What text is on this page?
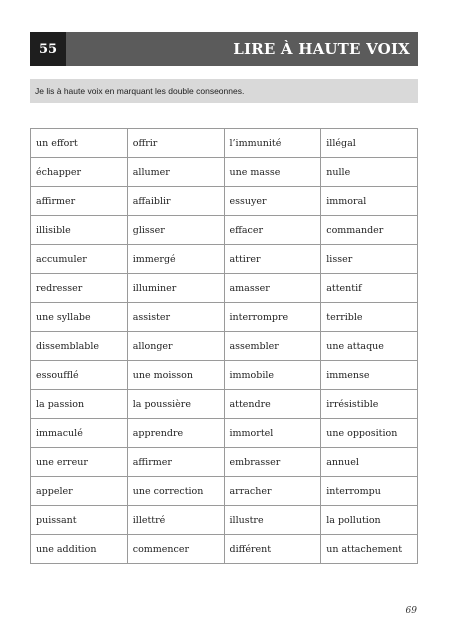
55	LIRE À HAUTE VOIX
Je lis à haute voix en marquant les double conseonnes.
un effort	offrir	l’immunité	illégal
échapper	allumer	une masse	nulle
affirmer	affaiblir	essuyer	immoral
illisible	glisser	effacer	commander
accumuler	immergé	attirer	lisser
redresser	illuminer	amasser	attentif
une syllabe	assister	interrompre	terrible
dissemblable	allonger	assembler	une attaque
essoufflé	une moisson	immobile	immense
la passion	la poussière	attendre	irrésistible
immaculé	apprendre	immortel	une opposition
une erreur	affirmer	embrasser	annuel
appeler	une correction	arracher	interrompu
puissant	illettré	illustre	la pollution
une addition	commencer	différent	un attachement
69
